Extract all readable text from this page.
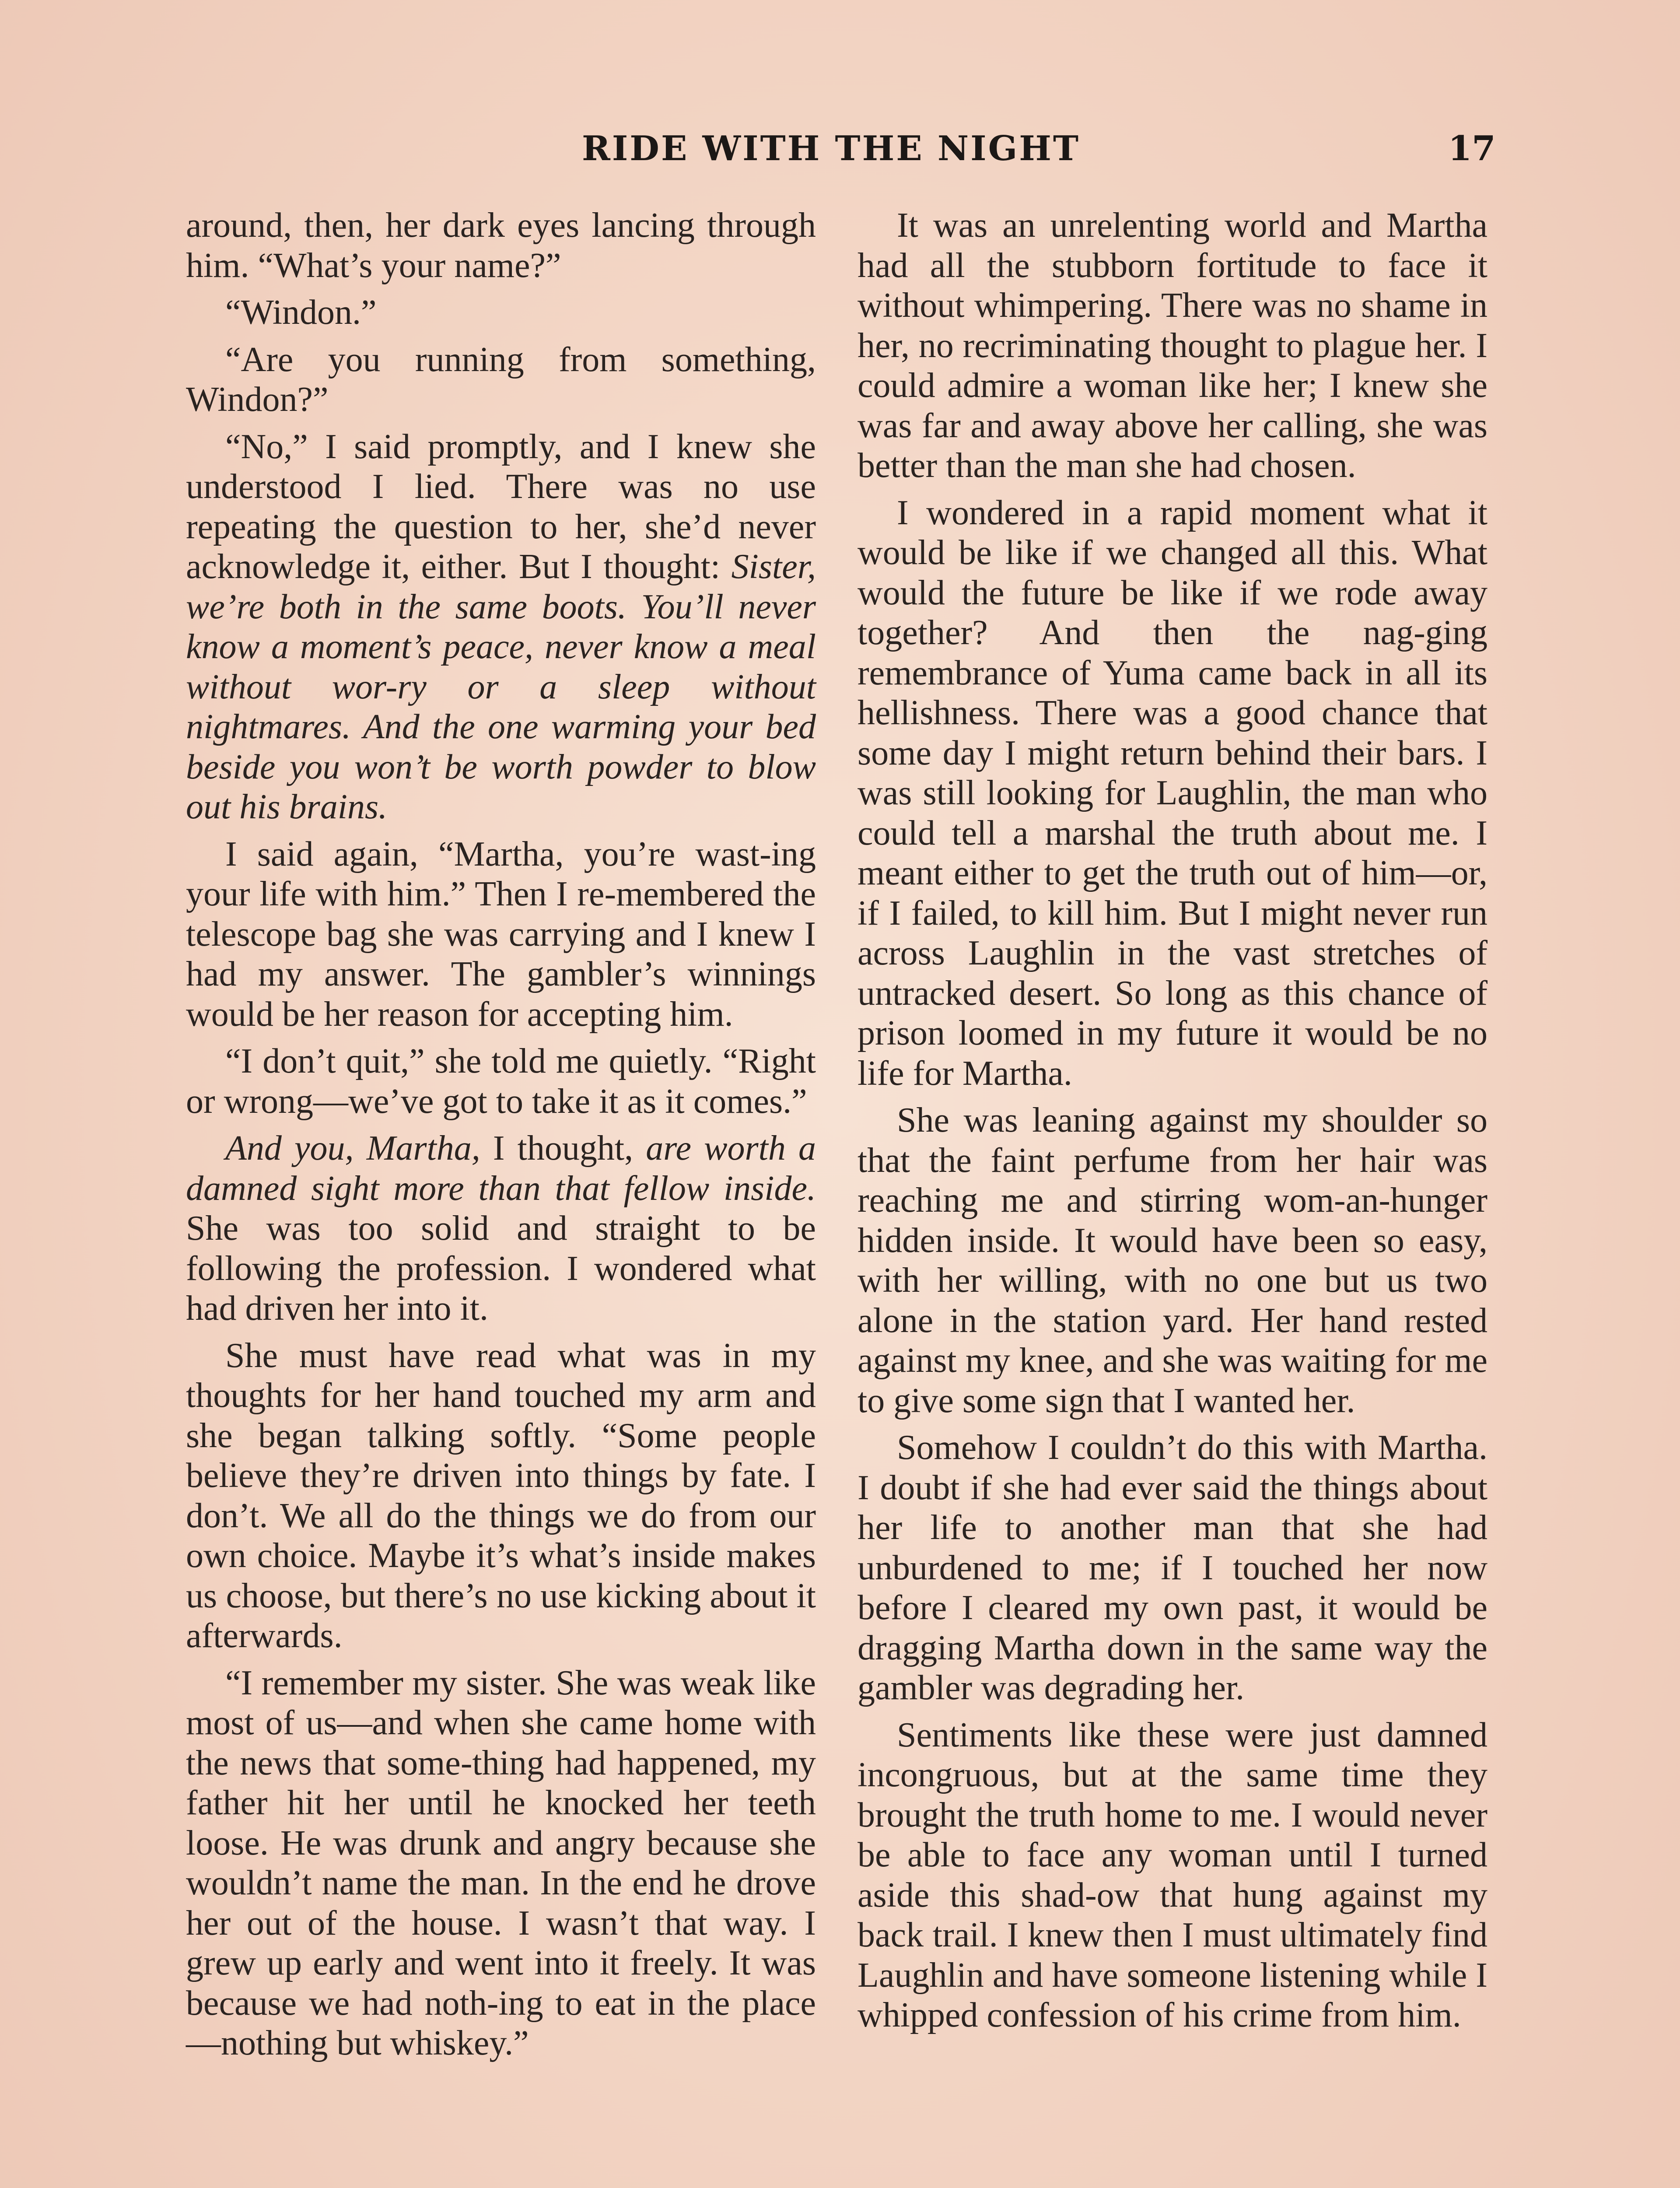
RIDE WITH THE NIGHT	17

around, then, her dark eyes lancing through him. “What’s your name?”

“Windon.”

“Are you running from something, Windon?”

“No,” I said promptly, and I knew she understood I lied. There was no use repeating the question to her, she’d never acknowledge it, either. But I thought: Sister, we’re both in the same boots. You’ll never know a moment’s peace, never know a meal without wor-ry or a sleep without nightmares. And the one warming your bed beside you won’t be worth powder to blow out his brains.

I said again, “Martha, you’re wast-ing your life with him.” Then I re-membered the telescope bag she was carrying and I knew I had my answer. The gambler’s winnings would be her reason for accepting him.

“I don’t quit,” she told me quietly. “Right or wrong—we’ve got to take it as it comes.”

And you, Martha, I thought, are worth a damned sight more than that fellow inside. She was too solid and straight to be following the profession. I wondered what had driven her into it.

She must have read what was in my thoughts for her hand touched my arm and she began talking softly. “Some people believe they’re driven into things by fate. I don’t. We all do the things we do from our own choice. Maybe it’s what’s inside makes us choose, but there’s no use kicking about it afterwards.

“I remember my sister. She was weak like most of us—and when she came home with the news that some-thing had happened, my father hit her until he knocked her teeth loose. He was drunk and angry because she wouldn’t name the man. In the end he drove her out of the house. I wasn’t that way. I grew up early and went into it freely. It was because we had noth-ing to eat in the place—nothing but whiskey.”

It was an unrelenting world and Martha had all the stubborn fortitude to face it without whimpering. There was no shame in her, no recriminating thought to plague her. I could admire a woman like her; I knew she was far and away above her calling, she was better than the man she had chosen.

I wondered in a rapid moment what it would be like if we changed all this. What would the future be like if we rode away together? And then the nag-ging remembrance of Yuma came back in all its hellishness. There was a good chance that some day I might return behind their bars. I was still looking for Laughlin, the man who could tell a marshal the truth about me. I meant either to get the truth out of him—or, if I failed, to kill him. But I might never run across Laughlin in the vast stretches of untracked desert. So long as this chance of prison loomed in my future it would be no life for Martha.

She was leaning against my shoulder so that the faint perfume from her hair was reaching me and stirring wom-an-hunger hidden inside. It would have been so easy, with her willing, with no one but us two alone in the station yard. Her hand rested against my knee, and she was waiting for me to give some sign that I wanted her.

Somehow I couldn’t do this with Martha. I doubt if she had ever said the things about her life to another man that she had unburdened to me; if I touched her now before I cleared my own past, it would be dragging Martha down in the same way the gambler was degrading her.

Sentiments like these were just damned incongruous, but at the same time they brought the truth home to me. I would never be able to face any woman until I turned aside this shad-ow that hung against my back trail. I knew then I must ultimately find Laughlin and have someone listening while I whipped confession of his crime from him.
